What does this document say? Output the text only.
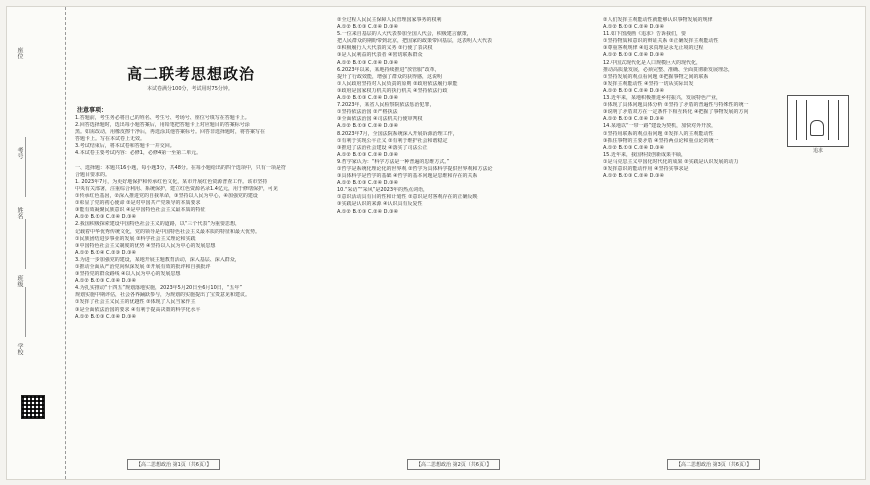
考号
姓名
班级
学校
座位
高二联考思想政治
本试卷满分100分，考试用时75分钟。
注意事项：

1.答题前，考生务必将自己的姓名、考生号、考场号、座位号填写在答题卡上。

2.回答选择题时，选出每小题答案后，用铅笔把答题卡上对应题目的答案标号涂

黑。如需改动，用橡皮擦干净后，再选涂其他答案标号。回答非选择题时，将答案写在

答题卡上。写在本试卷上无效。

3.考试结束后，将本试卷和答题卡一并交回。

4.本试卷主要考试内容：必修1，必修4第一至第二单元。

一、选择题：本题共16小题，每小题3分，共48分。在每小题给出的四个选项中，只有一项是符

合题目要求的。

1. 2023年7月，为更好地保护和传承红色文化，某市开展红色资源普查工作。该市坚持

中央有关部署，注重综合利用、系统保护，建立红色资源名录1.4亿元，用于修缮保护，可见

①传承红色基因，②深入推进党的自我革命，③坚持以人民为中心，④加强党的建设

①彰显了党的初心使命 ②是对中国共产党领导的本质要求

③能有效凝聚民族意识 ④是中国特色社会主义最本质的特征

A.①② B.①③ C.②④ D.③④

2.我国积极探索建设中国特色社会主义的道路，以“三个代表”为重要思想，

记载着中华优秀传统文化，党的领导是中国特色社会主义最本质的特征和最大优势。

①民族团结进步事业的发展 ②科学社会主义理论和实践

③中国特色社会主义制度的优势 ④坚持以人民为中心的发展思想

A.①② B.①④ C.②③ D.③④

3.为进一步加强党的建设，某地开展主题教育活动，深入基层、深入群众，

①推动全面从严治党向纵深发展 ②开展有效的批评和自我批评

③坚持党的群众路线 ④以人民为中心的发展思想

A.①② B.①③ C.②④ D.③④

4.为扎实推动“十四五”规划落地实施，2023年5月20日至6月10日，“五年”

规划实施中期评估，社会各界踊跃参与，为规划的实施提出了宝贵意见和建议。

①发挥了社会主义民主的优越性 ②体现了人民当家作主

③是全面依法治国的要求 ④有利于提高决策的科学化水平

A.①② B.①③ C.②④ D.③④

②全过程人民民主保障人民管理国家事务的权利

A.①② B.①③ C.②④ D.③④

5.一位来自基层的人大代表参加全国人代会，积极建言献策，

把人民群众的期盼带到北京，把国家的政策带回基层，这表明人大代表

①积极履行人大代表的义务 ②行使了表决权

③是人民利益的代表者 ④密切联系群众

A.①② B.①③ C.②④ D.③④

6.2023年以来，某地持续推进“放管服”改革，

提升了行政效能，增强了群众的获得感，这说明

①人民政府坚持对人民负责的原则 ②政府依法履行职能

③政府是国家权力机关的执行机关 ④坚持依法行政

A.①② B.①③ C.②④ D.③④

7.2023年，某省人民检察院依法惩治犯罪，

①坚持依法治国 ②严格执法

③全面依法治国 ④司法机关行使审判权

A.①② B.①③ C.②④ D.③④

8.2023年7月，全国法院系统深入开展诉源治理工作，

①有利于实现公平正义 ②有利于维护社会和谐稳定

③推进了法治社会建设 ④落实了司法公正

A.①② B.①③ C.②④ D.③④

9.哲学家认为：“科学方法是一种普遍的思维方式。”

①哲学是系统化理论化的世界观 ②哲学为具体科学提供世界观和方法论

③具体科学是哲学的基础 ④哲学的基本问题是思维和存在的关系

A.①② B.①③ C.②④ D.③④

10.“采访”“采风”是2023年的热点词语，

①意识活动具有目的性和计划性 ②意识是对客观存在的正确反映

③实践是认识的来源 ④认识具有反复性

A.①② B.①③ C.②④ D.③④

②人们发挥主观能动性就能够认识事物发展的规律

A.①② B.①③ C.②④ D.③④

11.如下图漫画《追求》告诉我们，要

①坚持物质和意识的辩证关系 ②正确发挥主观能动性

③尊重客观规律 ④追求真理是永无止境的过程

A.①② B.①③ C.②④ D.③④

12.中国式现代化是人口规模巨大的现代化，

推动高质量发展，必须完整、准确、全面贯彻新发展理念，

①坚持发展的观点看问题 ②把握事物之间的联系

③发挥主观能动性 ④坚持一切从实际出发

A.①② B.①③ C.②④ D.③④

13.近年来，某地积极推进乡村振兴，发展特色产业，

①体现了具体问题具体分析 ②坚持了矛盾的普遍性与特殊性的统一

③说明了矛盾双方在一定条件下相互转化 ④把握了事物发展的方向

A.①② B.①③ C.②④ D.③④

14.某地以“一带一路”建设为契机，加快对外开放，

①坚持用联系的观点看问题 ②发挥人的主观能动性

③抓住事物的主要矛盾 ④坚持两点论和重点论的统一

A.①② B.①③ C.②④ D.③④

15.近年来，我国科技创新成果丰硕，

①是马克思主义中国化时代化的成果 ②实践是认识发展的动力

③发挥意识的能动作用 ④坚持实事求是

A.①② B.①③ C.②④ D.③④

追求
【高二思想政治 第1页（共6页）】	【高二思想政治 第2页（共6页）】	【高二思想政治 第3页（共6页）】
